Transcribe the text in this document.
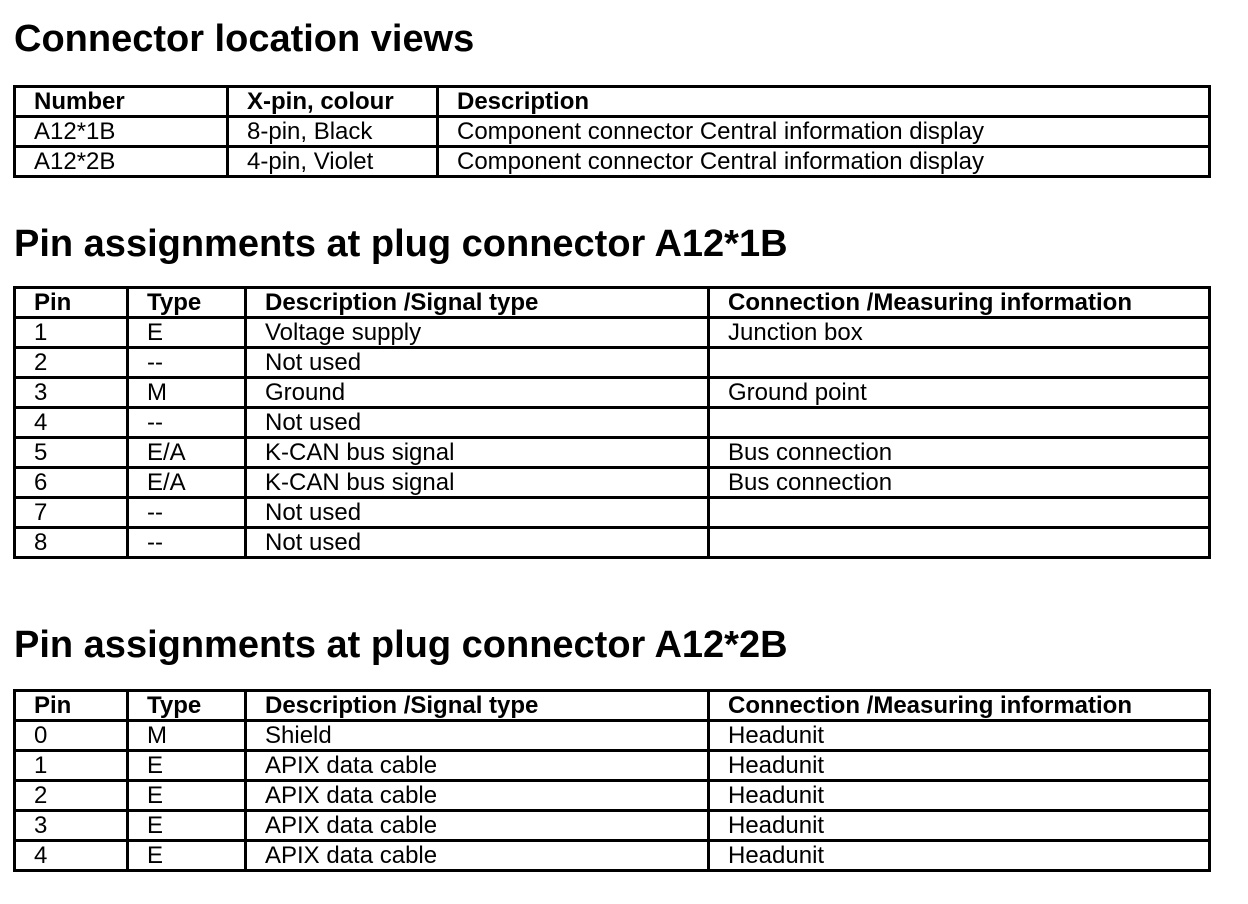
Connector location views
Number	X-pin, colour	Description
A12*1B	8-pin, Black	Component connector Central information display
A12*2B	4-pin, Violet	Component connector Central information display
Pin assignments at plug connector A12*1B
Pin	Type	Description /Signal type	Connection /Measuring information
1	E	Voltage supply	Junction box
2	--	Not used	
3	M	Ground	Ground point
4	--	Not used	
5	E/A	K-CAN bus signal	Bus connection
6	E/A	K-CAN bus signal	Bus connection
7	--	Not used	
8	--	Not used	
Pin assignments at plug connector A12*2B
Pin	Type	Description /Signal type	Connection /Measuring information
0	M	Shield	Headunit
1	E	APIX data cable	Headunit
2	E	APIX data cable	Headunit
3	E	APIX data cable	Headunit
4	E	APIX data cable	Headunit
